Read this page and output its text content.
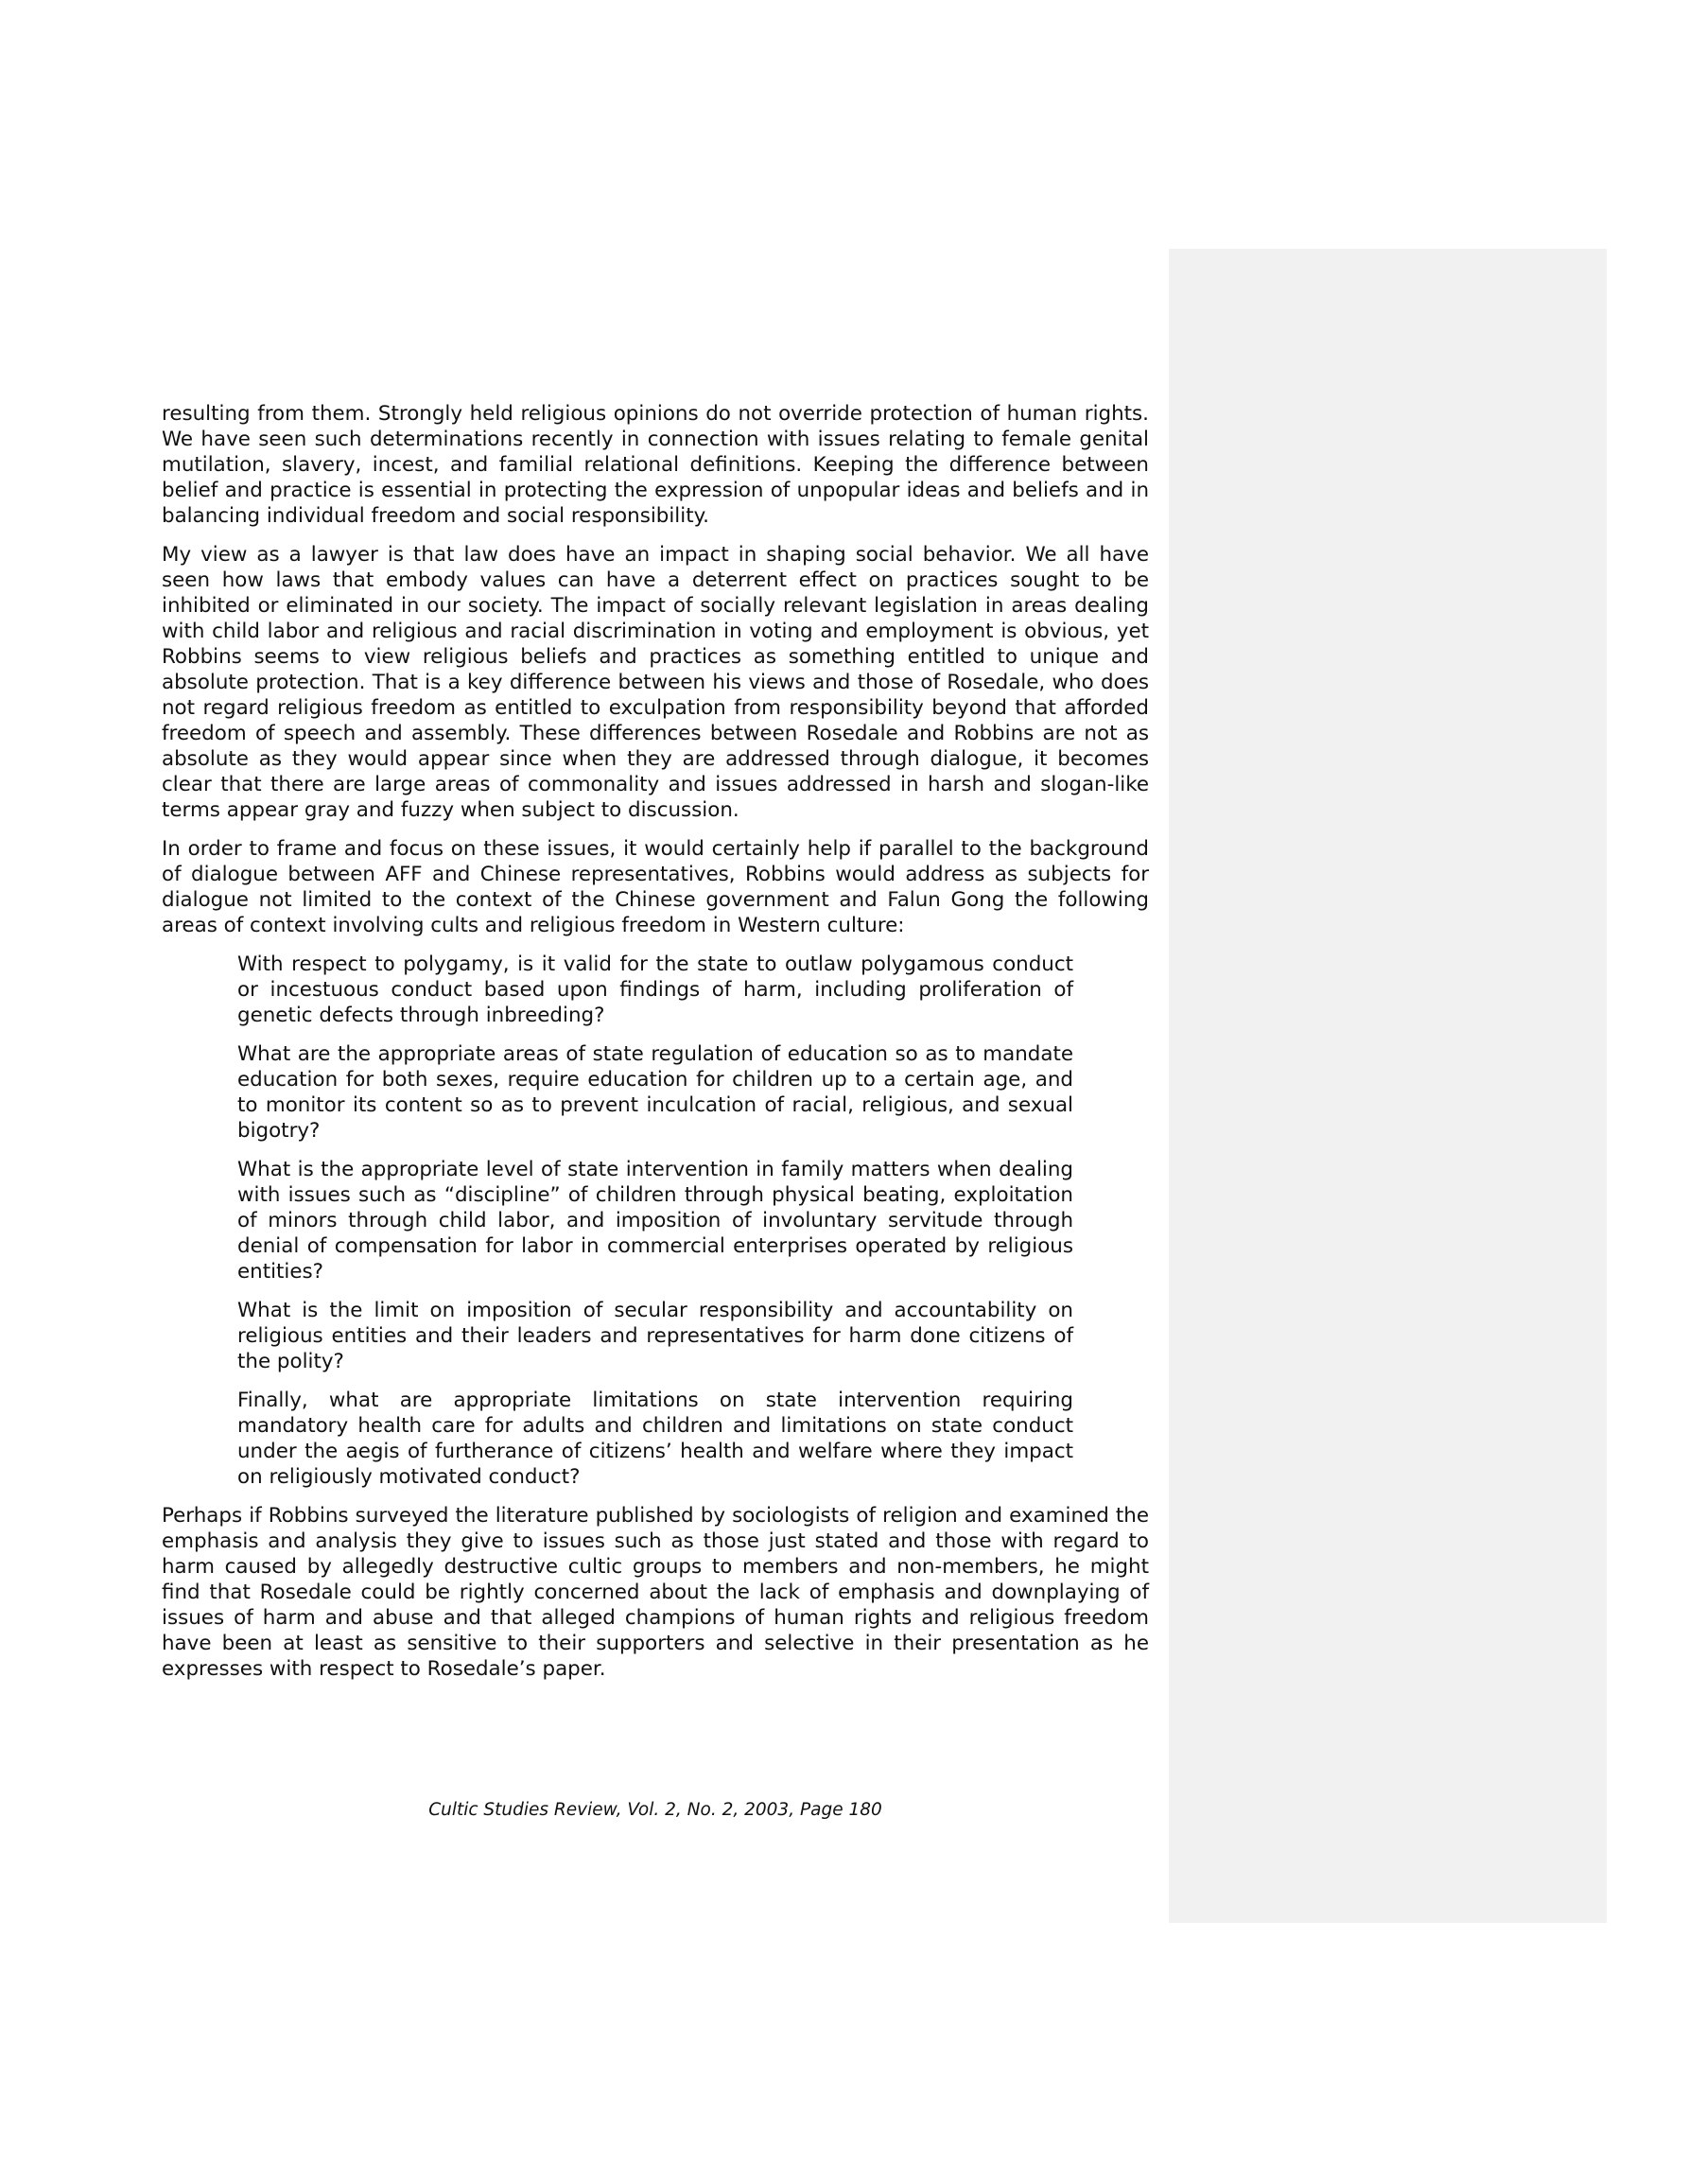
resulting from them. Strongly held religious opinions do not override protection of human rights. We have seen such determinations recently in connection with issues relating to female genital mutilation, slavery, incest, and familial relational definitions. Keeping the difference between belief and practice is essential in protecting the expression of unpopular ideas and beliefs and in balancing individual freedom and social responsibility.

My view as a lawyer is that law does have an impact in shaping social behavior. We all have seen how laws that embody values can have a deterrent effect on practices sought to be inhibited or eliminated in our society. The impact of socially relevant legislation in areas dealing with child labor and religious and racial discrimination in voting and employment is obvious, yet Robbins seems to view religious beliefs and practices as something entitled to unique and absolute protection. That is a key difference between his views and those of Rosedale, who does not regard religious freedom as entitled to exculpation from responsibility beyond that afforded freedom of speech and assembly. These differences between Rosedale and Robbins are not as absolute as they would appear since when they are addressed through dialogue, it becomes clear that there are large areas of commonality and issues addressed in harsh and slogan-like terms appear gray and fuzzy when subject to discussion.

In order to frame and focus on these issues, it would certainly help if parallel to the background of dialogue between AFF and Chinese representatives, Robbins would address as subjects for dialogue not limited to the context of the Chinese government and Falun Gong the following areas of context involving cults and religious freedom in Western culture:

With respect to polygamy, is it valid for the state to outlaw polygamous conduct or incestuous conduct based upon findings of harm, including proliferation of genetic defects through inbreeding?

What are the appropriate areas of state regulation of education so as to mandate education for both sexes, require education for children up to a certain age, and to monitor its content so as to prevent inculcation of racial, religious, and sexual bigotry?

What is the appropriate level of state intervention in family matters when dealing with issues such as “discipline” of children through physical beating, exploitation of minors through child labor, and imposition of involuntary servitude through denial of compensation for labor in commercial enterprises operated by religious entities?

What is the limit on imposition of secular responsibility and accountability on religious entities and their leaders and representatives for harm done citizens of the polity?

Finally, what are appropriate limitations on state intervention requiring mandatory health care for adults and children and limitations on state conduct under the aegis of furtherance of citizens’ health and welfare where they impact on religiously motivated conduct?

Perhaps if Robbins surveyed the literature published by sociologists of religion and examined the emphasis and analysis they give to issues such as those just stated and those with regard to harm caused by allegedly destructive cultic groups to members and non-members, he might find that Rosedale could be rightly concerned about the lack of emphasis and downplaying of issues of harm and abuse and that alleged champions of human rights and religious freedom have been at least as sensitive to their supporters and selective in their presentation as he expresses with respect to Rosedale’s paper.

Cultic Studies Review, Vol. 2, No. 2, 2003, Page 180
